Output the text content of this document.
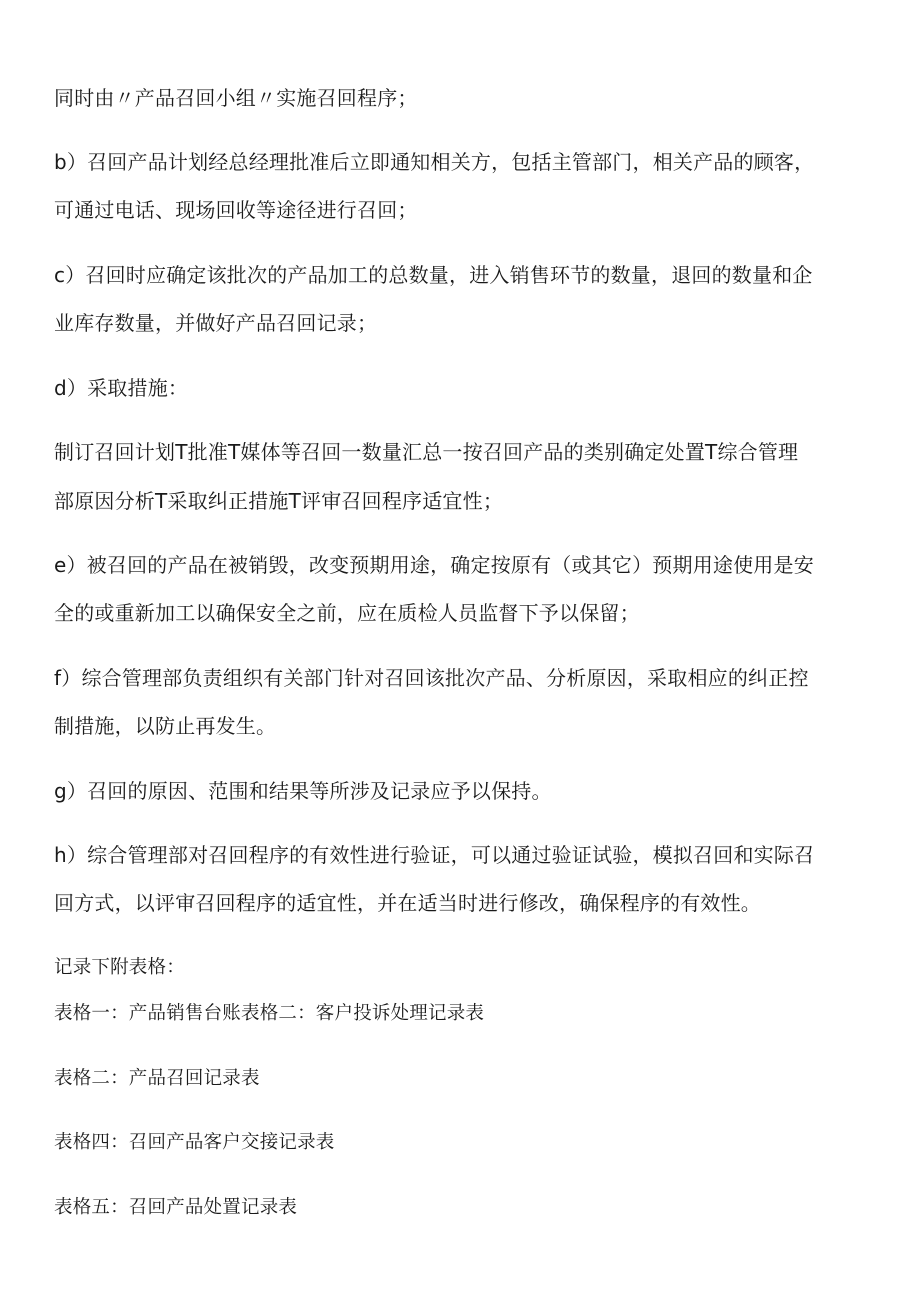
同时由〃产品召回小组〃实施召回程序；
b）召回产品计划经总经理批准后立即通知相关方，包括主管部门，相关产品的顾客，
可通过电话、现场回收等途径进行召回；
c）召回时应确定该批次的产品加工的总数量，进入销售环节的数量，退回的数量和企
业库存数量，并做好产品召回记录；
d）采取措施：
制订召回计划T批准T媒体等召回一数量汇总一按召回产品的类别确定处置T综合管理
部原因分析T采取纠正措施T评审召回程序适宜性；
e）被召回的产品在被销毁，改变预期用途，确定按原有（或其它）预期用途使用是安
全的或重新加工以确保安全之前，应在质检人员监督下予以保留；
f）综合管理部负责组织有关部门针对召回该批次产品、分析原因，采取相应的纠正控
制措施，以防止再发生。
g）召回的原因、范围和结果等所涉及记录应予以保持。
h）综合管理部对召回程序的有效性进行验证，可以通过验证试验，模拟召回和实际召
回方式，以评审召回程序的适宜性，并在适当时进行修改，确保程序的有效性。
记录下附表格：
表格一：产品销售台账表格二：客户投诉处理记录表
表格二：产品召回记录表
表格四：召回产品客户交接记录表
表格五：召回产品处置记录表
